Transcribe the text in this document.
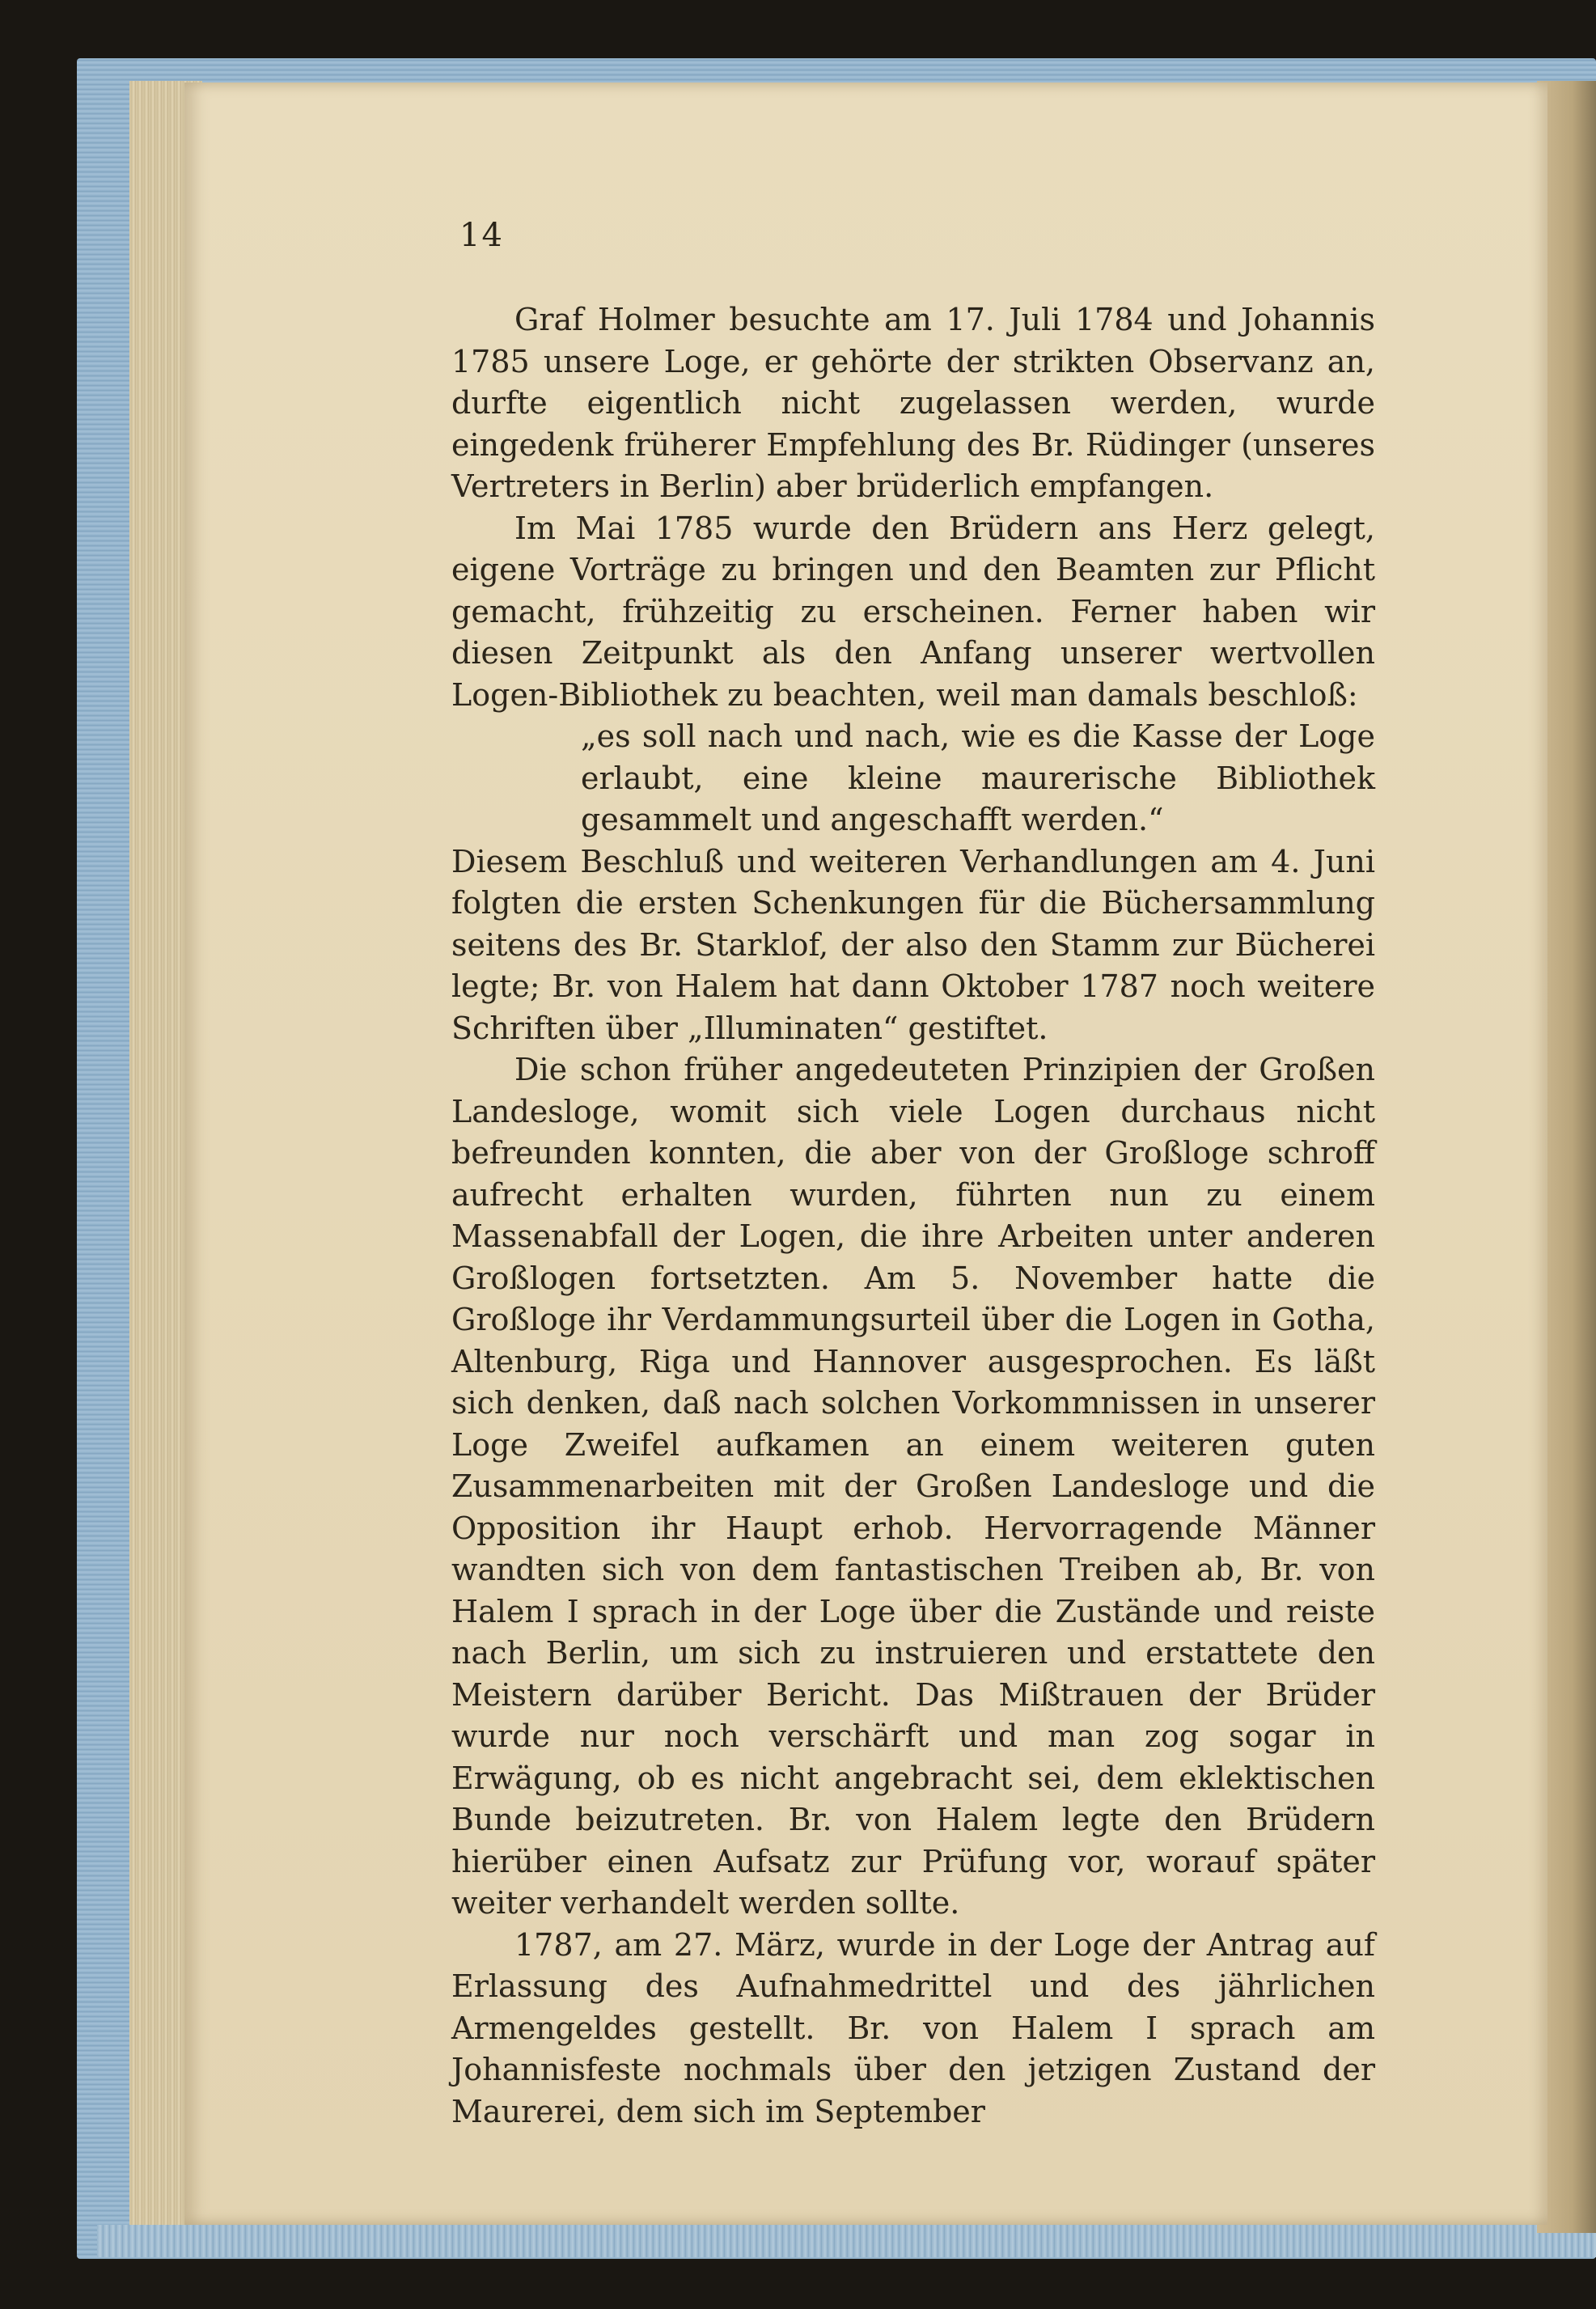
14

Graf Holmer besuchte am 17. Juli 1784 und Johannis 1785 unsere Loge, er gehörte der strikten Observanz an, durfte eigentlich nicht zugelassen werden, wurde eingedenk früherer Empfehlung des Br. Rüdinger (unseres Vertreters in Berlin) aber brüderlich empfangen.

Im Mai 1785 wurde den Brüdern ans Herz gelegt, eigene Vorträge zu bringen und den Beamten zur Pflicht gemacht, frühzeitig zu erscheinen. Ferner haben wir diesen Zeitpunkt als den Anfang unserer wertvollen Logen-Bibliothek zu beachten, weil man damals beschloß:

„es soll nach und nach, wie es die Kasse der Loge erlaubt, eine kleine maurerische Bibliothek gesammelt und angeschafft werden.“

Diesem Beschluß und weiteren Verhandlungen am 4. Juni folgten die ersten Schenkungen für die Büchersammlung seitens des Br. Starklof, der also den Stamm zur Bücherei legte; Br. von Halem hat dann Oktober 1787 noch weitere Schriften über „Illuminaten“ gestiftet.

Die schon früher angedeuteten Prinzipien der Großen Landesloge, womit sich viele Logen durchaus nicht befreunden konnten, die aber von der Großloge schroff aufrecht erhalten wurden, führten nun zu einem Massenabfall der Logen, die ihre Arbeiten unter anderen Großlogen fortsetzten. Am 5. November hatte die Großloge ihr Verdammungsurteil über die Logen in Gotha, Altenburg, Riga und Hannover ausgesprochen. Es läßt sich denken, daß nach solchen Vorkommnissen in unserer Loge Zweifel aufkamen an einem weiteren guten Zusammenarbeiten mit der Großen Landesloge und die Opposition ihr Haupt erhob. Hervorragende Männer wandten sich von dem fantastischen Treiben ab, Br. von Halem I sprach in der Loge über die Zustände und reiste nach Berlin, um sich zu instruieren und erstattete den Meistern darüber Bericht. Das Mißtrauen der Brüder wurde nur noch verschärft und man zog sogar in Erwägung, ob es nicht angebracht sei, dem eklektischen Bunde beizutreten. Br. von Halem legte den Brüdern hierüber einen Aufsatz zur Prüfung vor, worauf später weiter verhandelt werden sollte.

1787, am 27. März, wurde in der Loge der Antrag auf Erlassung des Aufnahmedrittel und des jährlichen Armengeldes gestellt. Br. von Halem I sprach am Johannisfeste nochmals über den jetzigen Zustand der Maurerei, dem sich im September
